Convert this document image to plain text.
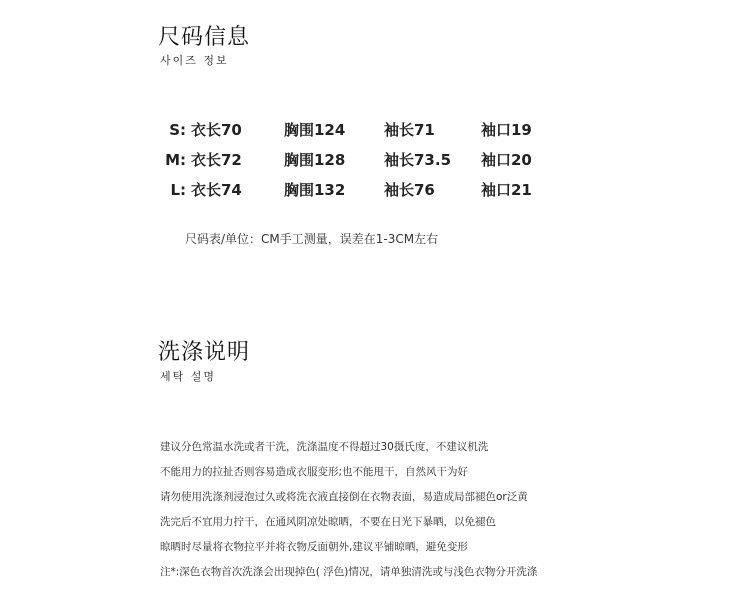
尺码信息

사이즈 정보

S: 衣长70	胸围124	袖长71	袖口19
M: 衣长72	胸围128	袖长73.5 袖口20
L: 衣长74	胸围132	袖长76	袖口21

尺码表/单位：CM手工测量，误差在1-3CM左右

洗涤说明

세탁 설명

建议分色常温水洗或者干洗，洗涤温度不得超过30摄氏度，不建议机洗

不能用力的拉扯否则容易造成衣服变形;也不能甩干，自然风干为好

请勿使用洗涤剂浸泡过久或将洗衣液直接倒在衣物表面，易造成局部褪色or泛黄

洗完后不宜用力拧干，在通风阴凉处晾晒，不要在日光下暴晒，以免褪色

晾晒时尽量将衣物拉平并将衣物反面朝外,建议平铺晾晒，避免变形

注*:深色衣物首次洗涤会出现掉色( 浮色)情况，请单独清洗或与浅色衣物分开洗涤
